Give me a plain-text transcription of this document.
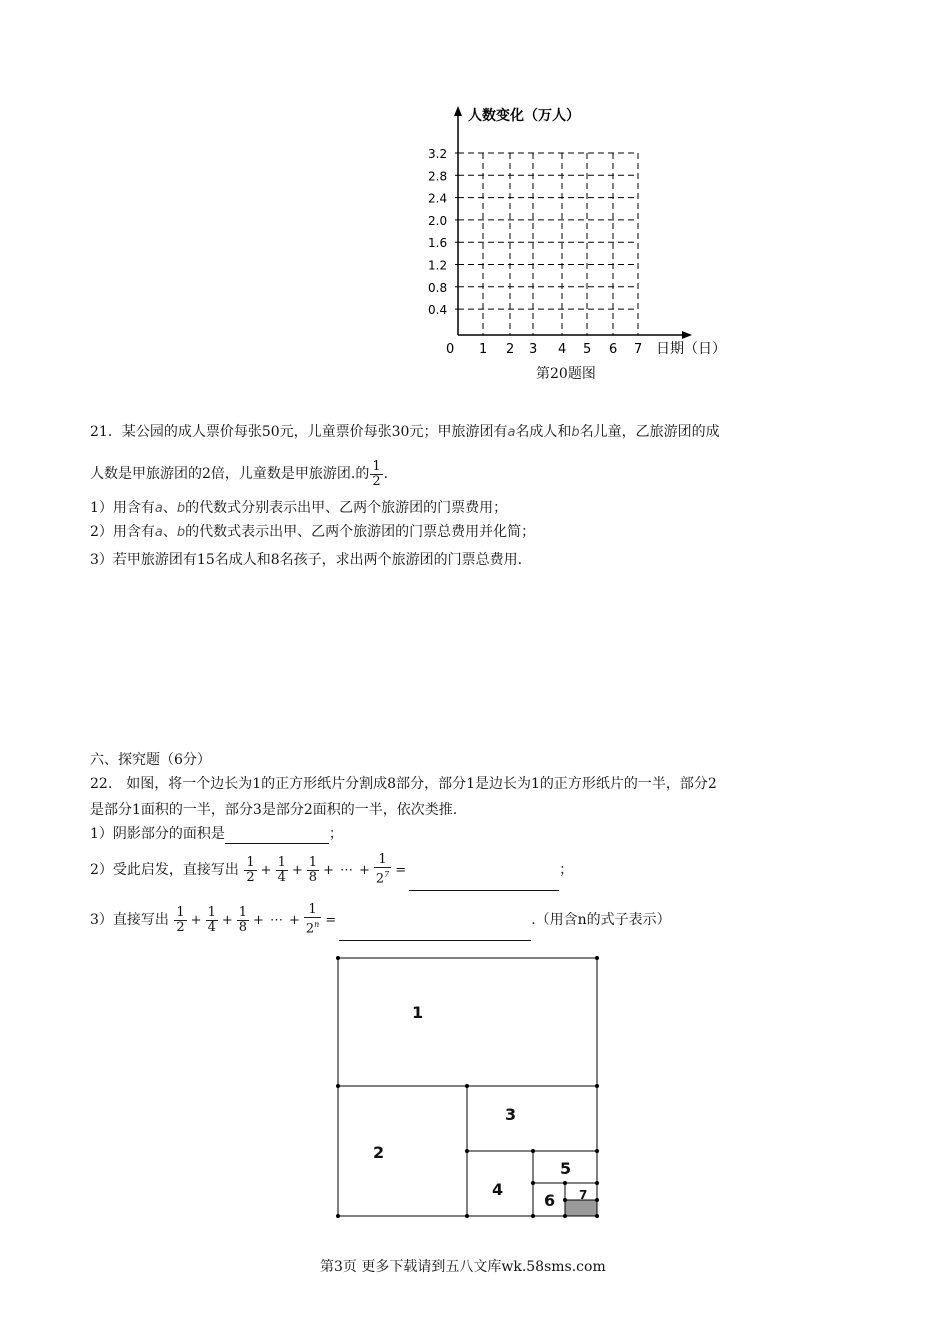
3.2
2.8
2.4
2.0
1.6
1.2
0.8
0.4
1 2 3 4 5 6 7
人数变化（万人）
0	日期（日）
第20题图
21．某公园的成人票价每张50元，儿童票价每张30元；甲旅游团有a名成人和b名儿童，乙旅游团的成
人数是甲旅游团的2倍，儿童数是甲旅游团.的 $\frac{1}{2}$ .
1）用含有a、b的代数式分别表示出甲、乙两个旅游团的门票费用；
2）用含有a、b的代数式表示出甲、乙两个旅游团的门票总费用并化简；
3）若甲旅游团有15名成人和8名孩子，求出两个旅游团的门票总费用.
六、探究题（6分）
22.　如图，将一个边长为1的正方形纸片分割成8部分，部分1是边长为1的正方形纸片的一半，部分2
是部分1面积的一半，部分3是部分2面积的一半，依次类推.
1）阴影部分的面积是	；
2）受此启发，直接写出 $\frac{1}{2} + \frac{1}{4} + \frac{1}{8}$ + ⋯ + $\frac{1}{2^7}$ =	；
3）直接写出 $\frac{1}{2} + \frac{1}{4} + \frac{1}{8}$ + ⋯ + $\frac{1}{2^n}$ =	.（用含n的式子表示）
1
2
3
4
5
6 7
第3页 更多下载请到五八文库wk.58sms.com
